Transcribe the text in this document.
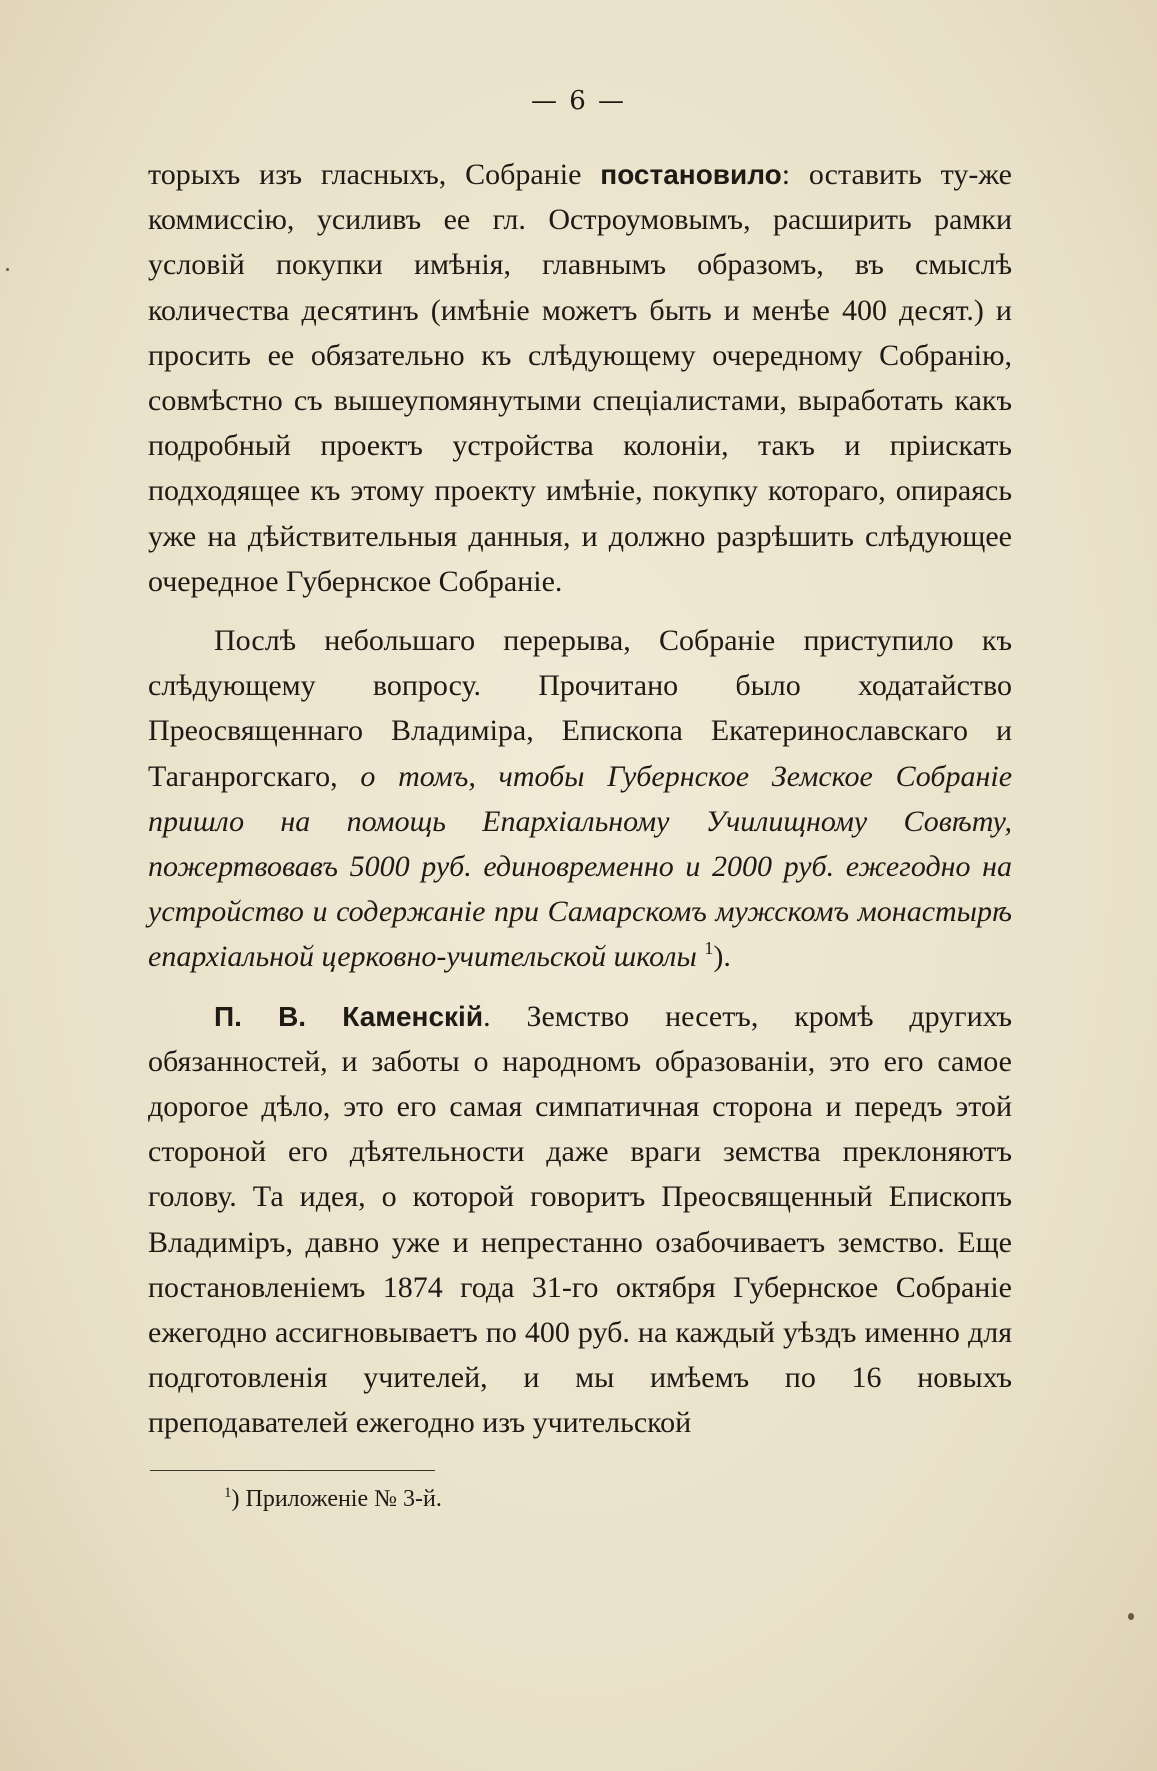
— 6 —

торыхъ изъ гласныхъ, Собраніе постановило: оставить ту-же коммиссію, усиливъ ее гл. Остроумовымъ, расширить рамки условій покупки имѣнія, главнымъ образомъ, въ смыслѣ количества десятинъ (имѣніе можетъ быть и менѣе 400 десят.) и просить ее обязательно къ слѣдующему очередному Собранію, совмѣстно съ вышеупомянутыми спеціалистами, выработать какъ подробный проектъ устройства колоніи, такъ и пріискать подходящее къ этому проекту имѣніе, покупку котораго, опираясь уже на дѣйствительныя данныя, и должно разрѣшить слѣдующее очередное Губернское Собраніе.

Послѣ небольшаго перерыва, Собраніе приступило къ слѣдующему вопросу. Прочитано было ходатайство Преосвященнаго Владиміра, Епископа Екатеринославскаго и Таганрогскаго, о томъ, чтобы Губернское Земское Собраніе пришло на помощь Епархіальному Училищному Совѣту, пожертвовавъ 5000 руб. единовременно и 2000 руб. ежегодно на устройство и содержаніе при Самарскомъ мужскомъ монастырѣ епархіальной церковно-учительской школы $^1$).

П. В. Каменскій. Земство несетъ, кромѣ другихъ обязанностей, и заботы о народномъ образованіи, это его самое дорогое дѣло, это его самая симпатичная сторона и передъ этой стороной его дѣятельности даже враги земства преклоняютъ голову. Та идея, о которой говоритъ Преосвященный Епископъ Владиміръ, давно уже и непрестанно озабочиваетъ земство. Еще постановленіемъ 1874 года 31-го октября Губернское Собраніе ежегодно ассигновываетъ по 400 руб. на каждый уѣздъ именно для подготовленія учителей, и мы имѣемъ по 16 новыхъ преподавателей ежегодно изъ учительской

$^1$) Приложеніе № 3-й.
